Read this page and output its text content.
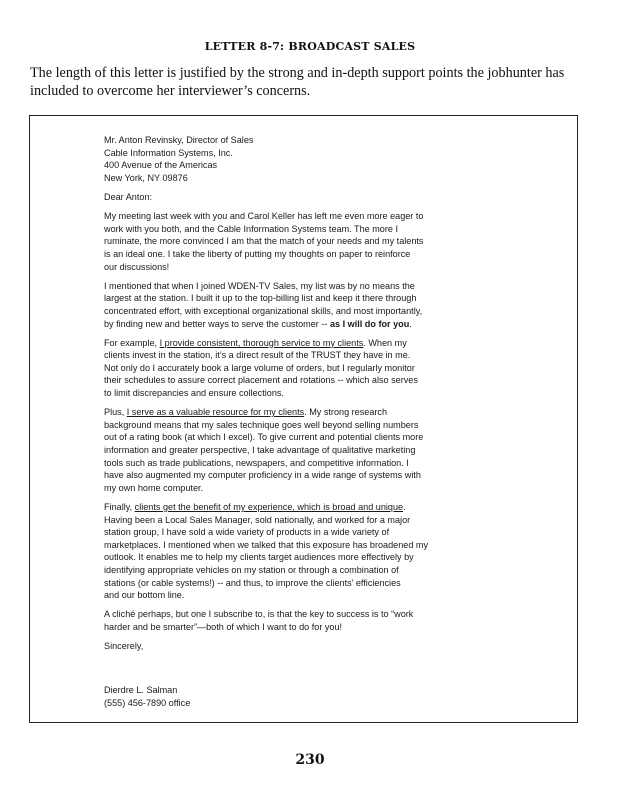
LETTER 8-7: BROADCAST SALES

The length of this letter is justified by the strong and in-depth support points the jobhunter has included to overcome her interviewer’s concerns.

Mr. Anton Revinsky, Director of Sales
Cable Information Systems, Inc.
400 Avenue of the Americas
New York, NY 09876

Dear Anton:

My meeting last week with you and Carol Keller has left me even more eager to
work with you both, and the Cable Information Systems team. The more I
ruminate, the more convinced I am that the match of your needs and my talents
is an ideal one. I take the liberty of putting my thoughts on paper to reinforce
our discussions!

I mentioned that when I joined WDEN-TV Sales, my list was by no means the
largest at the station. I built it up to the top-billing list and keep it there through
concentrated effort, with exceptional organizational skills, and most importantly,
by finding new and better ways to serve the customer -- as I will do for you.

For example, I provide consistent, thorough service to my clients. When my
clients invest in the station, it’s a direct result of the TRUST they have in me.
Not only do I accurately book a large volume of orders, but I regularly monitor
their schedules to assure correct placement and rotations -- which also serves
to limit discrepancies and ensure collections.

Plus, I serve as a valuable resource for my clients. My strong research
background means that my sales technique goes well beyond selling numbers
out of a rating book (at which I excel). To give current and potential clients more
information and greater perspective, I take advantage of qualitative marketing
tools such as trade publications, newspapers, and competitive information. I
have also augmented my computer proficiency in a wide range of systems with
my own home computer.

Finally, clients get the benefit of my experience, which is broad and unique.
Having been a Local Sales Manager, sold nationally, and worked for a major
station group, I have sold a wide variety of products in a wide variety of
marketplaces. I mentioned when we talked that this exposure has broadened my
outlook. It enables me to help my clients target audiences more effectively by
identifying appropriate vehicles on my station or through a combination of
stations (or cable systems!) -- and thus, to improve the clients’ efficiencies
and our bottom line.

A cliché perhaps, but one I subscribe to, is that the key to success is to “work
harder and be smarter”—both of which I want to do for you!

Sincerely,

Dierdre L. Salman
(555) 456-7890 office

230
